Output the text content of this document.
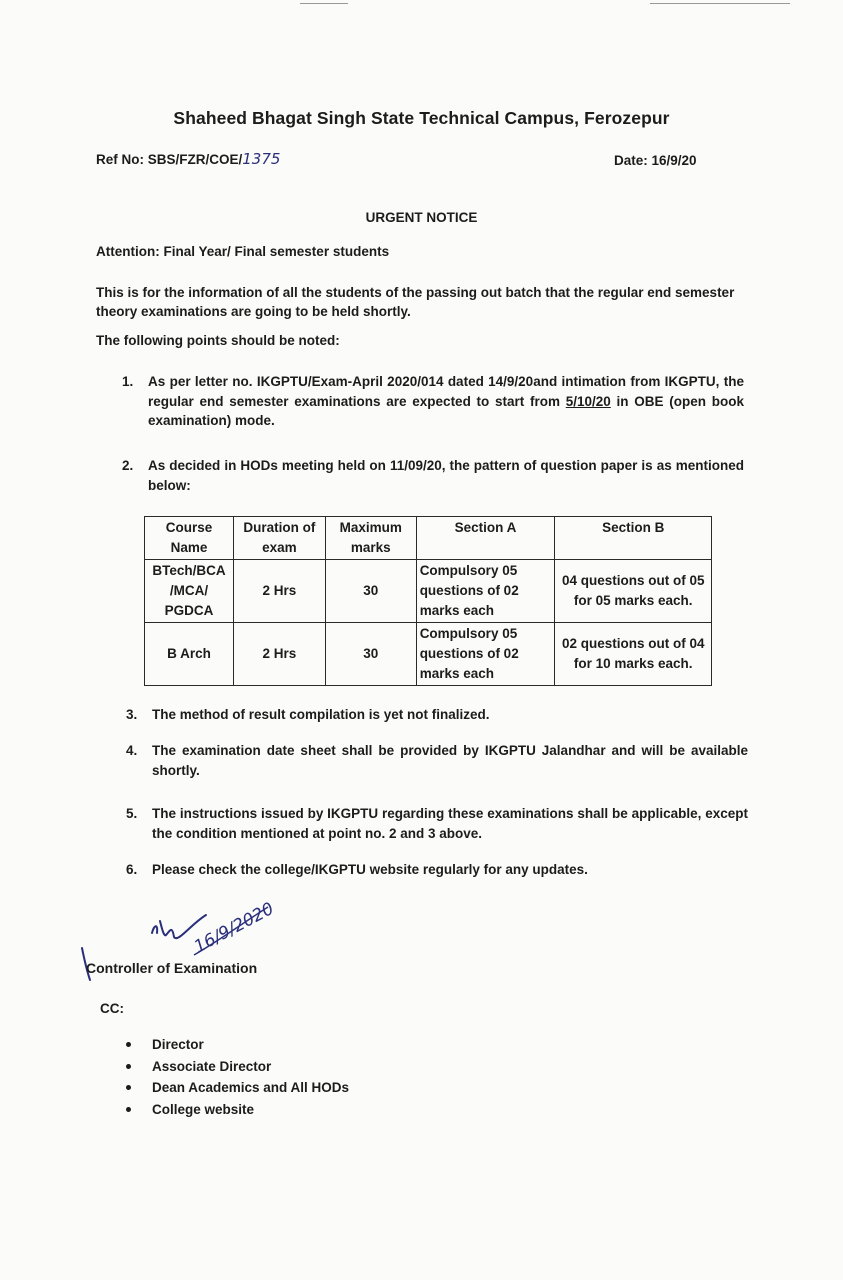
Shaheed Bhagat Singh State Technical Campus, Ferozepur
Ref No: SBS/FZR/COE/1375	Date: 16/9/20
URGENT NOTICE
Attention: Final Year/ Final semester students
This is for the information of all the students of the passing out batch that the regular end semester theory examinations are going to be held shortly.
The following points should be noted:
1. As per letter no. IKGPTU/Exam-April 2020/014 dated 14/9/20and intimation from IKGPTU, the regular end semester examinations are expected to start from 5/10/20 in OBE (open book examination) mode.
2. As decided in HODs meeting held on 11/09/20, the pattern of question paper is as mentioned below:
Course Name	Duration of exam	Maximum marks	Section A	Section B
BTech/BCA /MCA/ PGDCA	2 Hrs	30	Compulsory 05 questions of 02 marks each	04 questions out of 05 for 05 marks each.
B Arch	2 Hrs	30	Compulsory 05 questions of 02 marks each	02 questions out of 04 for 10 marks each.
3. The method of result compilation is yet not finalized.
4. The examination date sheet shall be provided by IKGPTU Jalandhar and will be available shortly.
5. The instructions issued by IKGPTU regarding these examinations shall be applicable, except the condition mentioned at point no. 2 and 3 above.
6. Please check the college/IKGPTU website regularly for any updates.
16/9/2020
Controller of Examination
CC:
Director
Associate Director
Dean Academics and All HODs
College website
